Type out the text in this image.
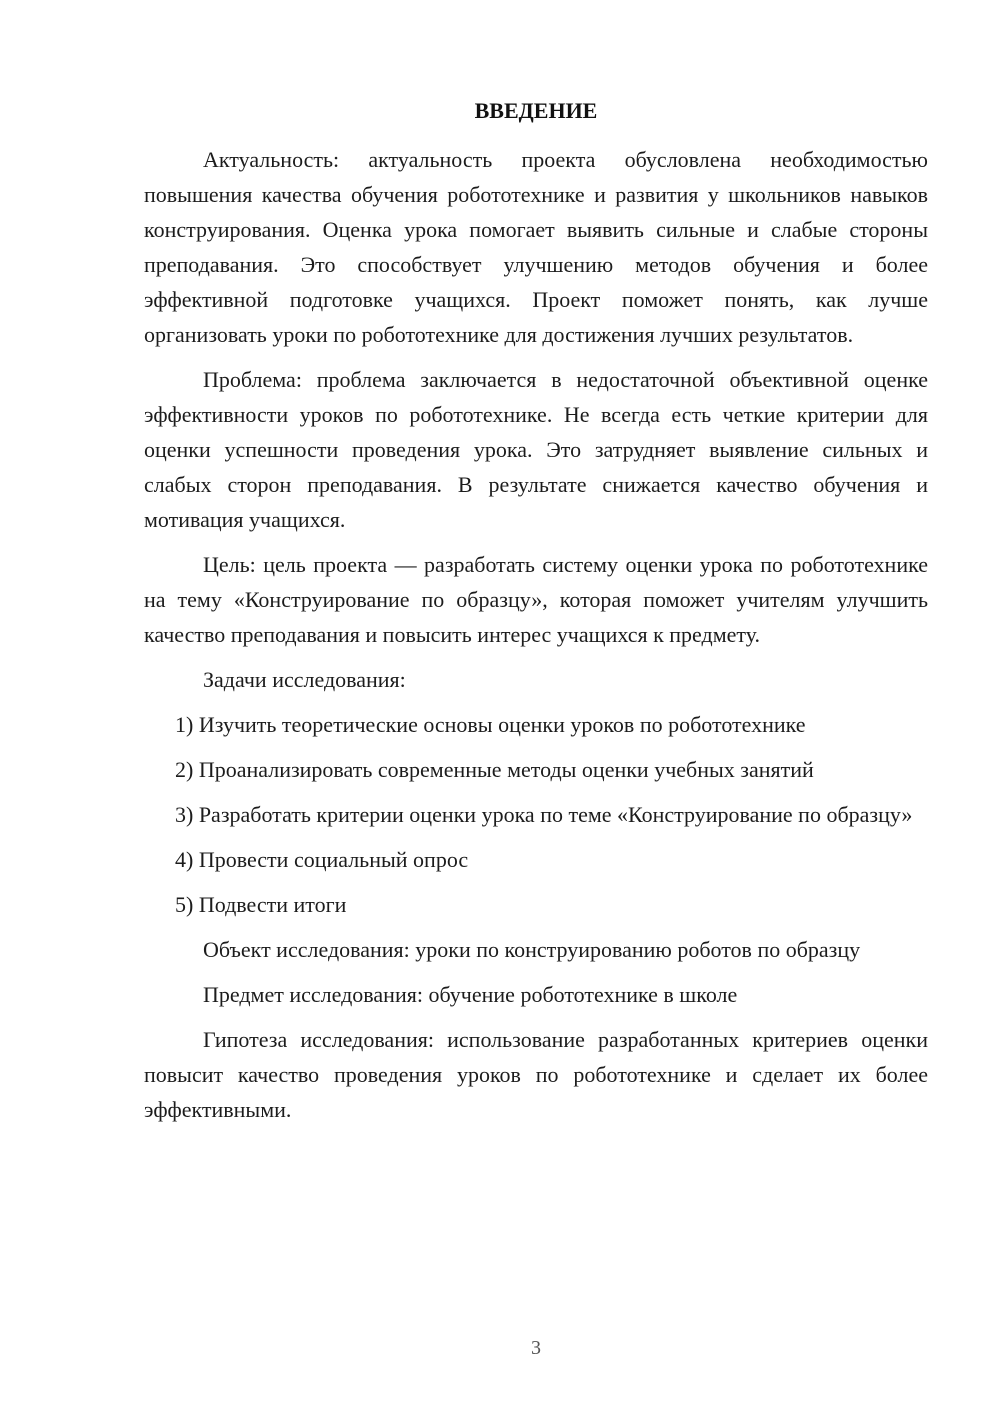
ВВЕДЕНИЕ

Актуальность: актуальность проекта обусловлена необходимостью повышения качества обучения робототехнике и развития у школьников навыков конструирования. Оценка урока помогает выявить сильные и слабые стороны преподавания. Это способствует улучшению методов обучения и более эффективной подготовке учащихся. Проект поможет понять, как лучше организовать уроки по робототехнике для достижения лучших результатов.

Проблема: проблема заключается в недостаточной объективной оценке эффективности уроков по робототехнике. Не всегда есть четкие критерии для оценки успешности проведения урока. Это затрудняет выявление сильных и слабых сторон преподавания. В результате снижается качество обучения и мотивация учащихся.

Цель: цель проекта — разработать систему оценки урока по робототехнике на тему «Конструирование по образцу», которая поможет учителям улучшить качество преподавания и повысить интерес учащихся к предмету.

Задачи исследования:

1) Изучить теоретические основы оценки уроков по робототехнике

2) Проанализировать современные методы оценки учебных занятий

3) Разработать критерии оценки урока по теме «Конструирование по образцу»

4) Провести социальный опрос

5) Подвести итоги

Объект исследования: уроки по конструированию роботов по образцу

Предмет исследования: обучение робототехнике в школе

Гипотеза исследования: использование разработанных критериев оценки повысит качество проведения уроков по робототехнике и сделает их более эффективными.

3
